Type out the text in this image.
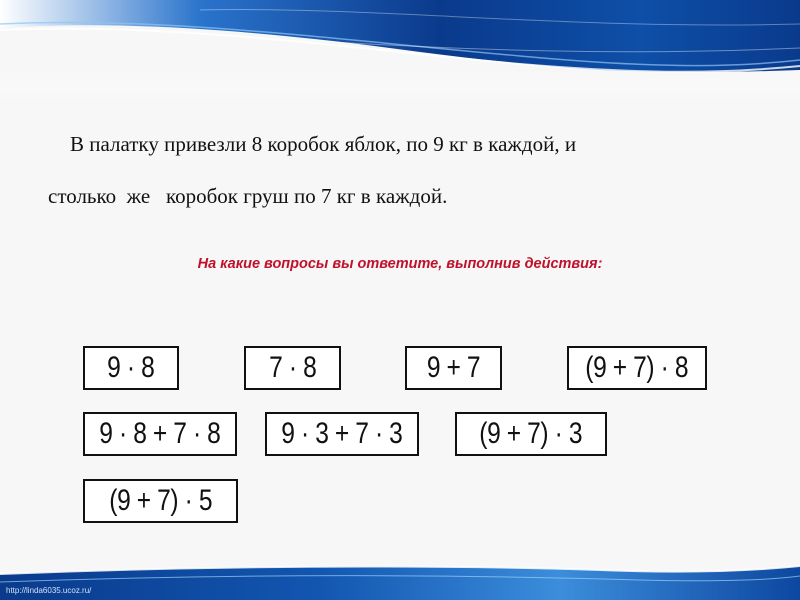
В палатку привезли 8 коробок яблок, по 9 кг в каждой, и
столько  же   коробок груш по 7 кг в каждой.
На какие вопросы вы ответите, выполнив действия:
9 · 8	7 · 8	9 + 7	(9 + 7) · 8
9 · 8 + 7 · 8 9 · 3 + 7 · 3	(9 + 7) · 3
(9 + 7) · 5
http://linda6035.ucoz.ru/
